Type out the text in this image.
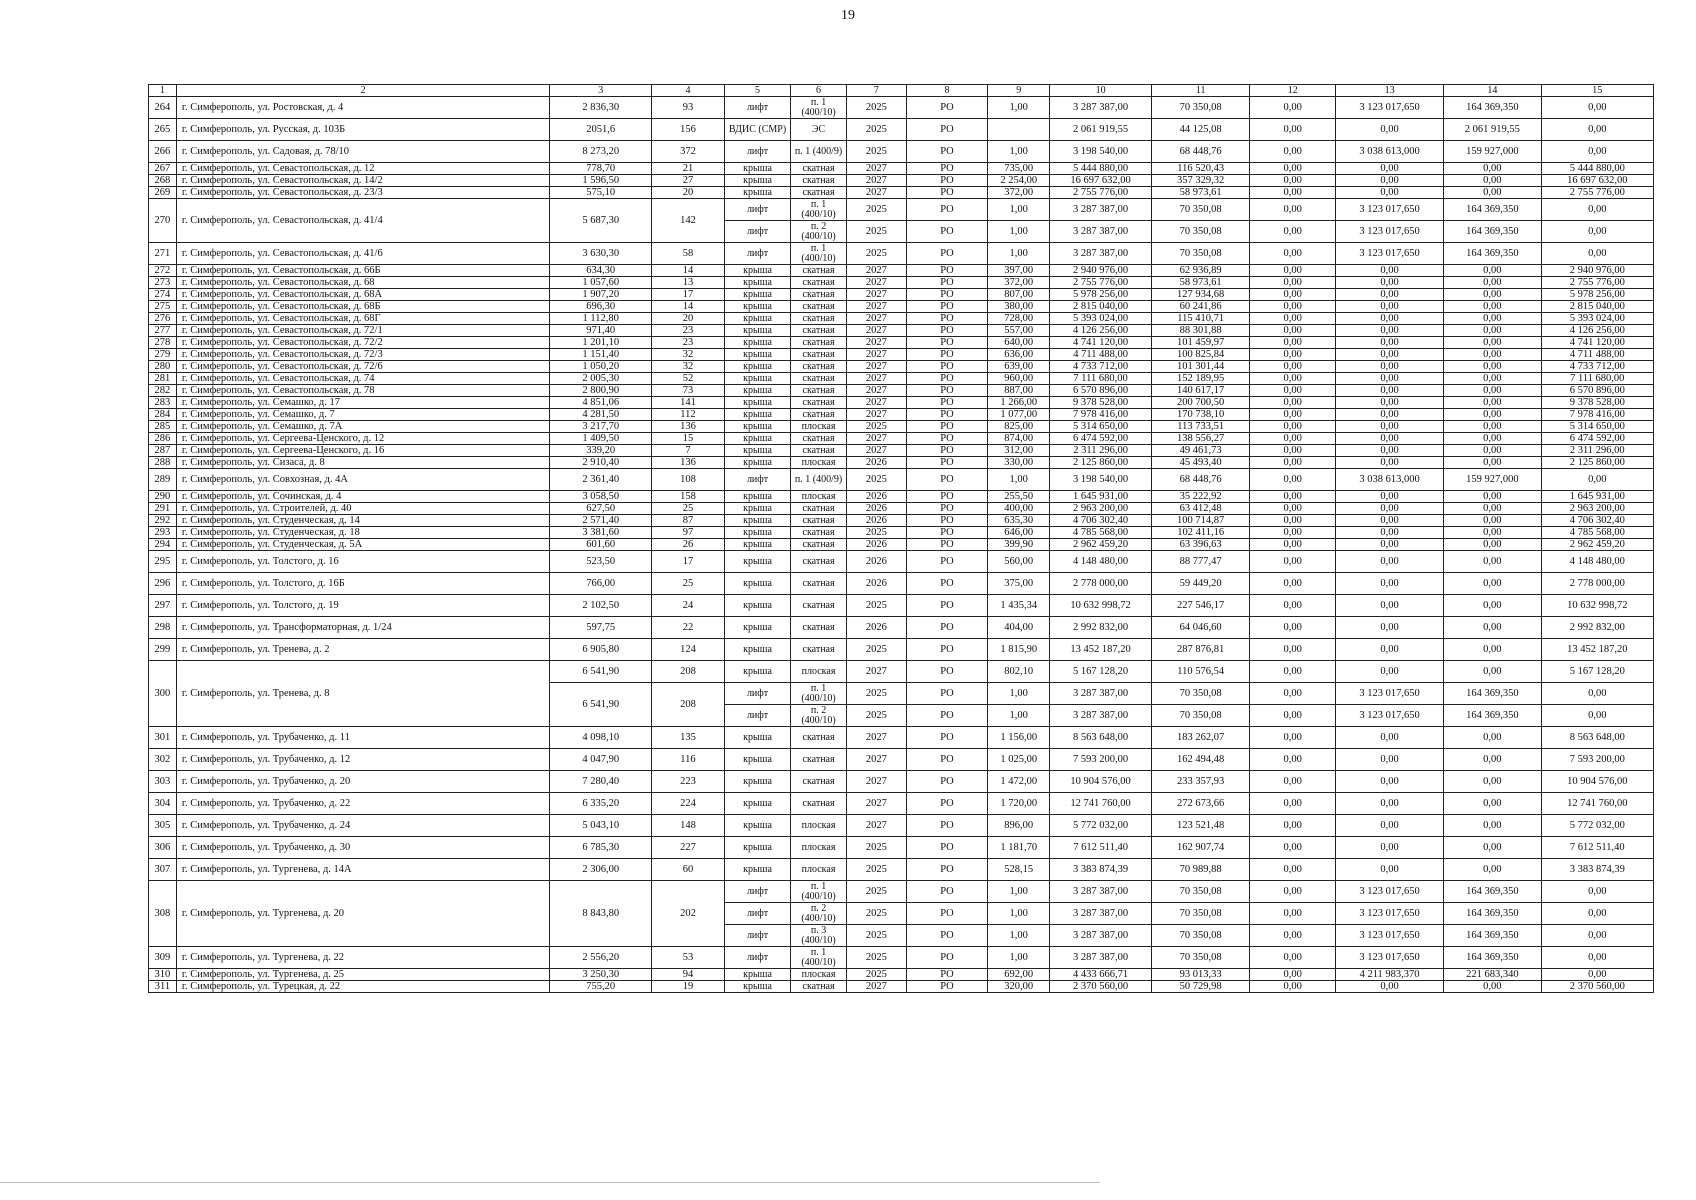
19
1	2	3	4	5	6	7	8	9	10	11	12	13	14	15
264	г. Симферополь, ул. Ростовская, д. 4	2 836,30	93	лифт	п. 1 (400/10)	2025	РО	1,00	3 287 387,00	70 350,08	0,00	3 123 017,650	164 369,350	0,00
265	г. Симферополь, ул. Русская, д. 103Б	2051,6	156	ВДИС (СМР)	ЭС	2025	РО		2 061 919,55	44 125,08	0,00	0,00	2 061 919,55	0,00
266	г. Симферополь, ул. Садовая, д. 78/10	8 273,20	372	лифт	п. 1 (400/9)	2025	РО	1,00	3 198 540,00	68 448,76	0,00	3 038 613,000	159 927,000	0,00
267	г. Симферополь, ул. Севастопольская, д. 12	778,70	21	крыша	скатная	2027	РО	735,00	5 444 880,00	116 520,43	0,00	0,00	0,00	5 444 880,00
268	г. Симферополь, ул. Севастопольская, д. 14/2	1 596,50	27	крыша	скатная	2027	РО	2 254,00	16 697 632,00	357 329,32	0,00	0,00	0,00	16 697 632,00
269	г. Симферополь, ул. Севастопольская, д. 23/3	575,10	20	крыша	скатная	2027	РО	372,00	2 755 776,00	58 973,61	0,00	0,00	0,00	2 755 776,00
270	г. Симферополь, ул. Севастопольская, д. 41/4	5 687,30	142	лифт	п. 1 (400/10)	2025	РО	1,00	3 287 387,00	70 350,08	0,00	3 123 017,650	164 369,350	0,00
				лифт	п. 2 (400/10)	2025	РО	1,00	3 287 387,00	70 350,08	0,00	3 123 017,650	164 369,350	0,00
271	г. Симферополь, ул. Севастопольская, д. 41/6	3 630,30	58	лифт	п. 1 (400/10)	2025	РО	1,00	3 287 387,00	70 350,08	0,00	3 123 017,650	164 369,350	0,00
272	г. Симферополь, ул. Севастопольская, д. 66Б	634,30	14	крыша	скатная	2027	РО	397,00	2 940 976,00	62 936,89	0,00	0,00	0,00	2 940 976,00
273	г. Симферополь, ул. Севастопольская, д. 68	1 057,60	13	крыша	скатная	2027	РО	372,00	2 755 776,00	58 973,61	0,00	0,00	0,00	2 755 776,00
274	г. Симферополь, ул. Севастопольская, д. 68А	1 907,20	17	крыша	скатная	2027	РО	807,00	5 978 256,00	127 934,68	0,00	0,00	0,00	5 978 256,00
275	г. Симферополь, ул. Севастопольская, д. 68Б	696,30	14	крыша	скатная	2027	РО	380,00	2 815 040,00	60 241,86	0,00	0,00	0,00	2 815 040,00
276	г. Симферополь, ул. Севастопольская, д. 68Г	1 112,80	20	крыша	скатная	2027	РО	728,00	5 393 024,00	115 410,71	0,00	0,00	0,00	5 393 024,00
277	г. Симферополь, ул. Севастопольская, д. 72/1	971,40	23	крыша	скатная	2027	РО	557,00	4 126 256,00	88 301,88	0,00	0,00	0,00	4 126 256,00
278	г. Симферополь, ул. Севастопольская, д. 72/2	1 201,10	23	крыша	скатная	2027	РО	640,00	4 741 120,00	101 459,97	0,00	0,00	0,00	4 741 120,00
279	г. Симферополь, ул. Севастопольская, д. 72/3	1 151,40	32	крыша	скатная	2027	РО	636,00	4 711 488,00	100 825,84	0,00	0,00	0,00	4 711 488,00
280	г. Симферополь, ул. Севастопольская, д. 72/6	1 050,20	32	крыша	скатная	2027	РО	639,00	4 733 712,00	101 301,44	0,00	0,00	0,00	4 733 712,00
281	г. Симферополь, ул. Севастопольская, д. 74	2 005,30	52	крыша	скатная	2027	РО	960,00	7 111 680,00	152 189,95	0,00	0,00	0,00	7 111 680,00
282	г. Симферополь, ул. Севастопольская, д. 78	2 800,90	73	крыша	скатная	2027	РО	887,00	6 570 896,00	140 617,17	0,00	0,00	0,00	6 570 896,00
283	г. Симферополь, ул. Семашко, д. 17	4 851,06	141	крыша	скатная	2027	РО	1 266,00	9 378 528,00	200 700,50	0,00	0,00	0,00	9 378 528,00
284	г. Симферополь, ул. Семашко, д. 7	4 281,50	112	крыша	скатная	2027	РО	1 077,00	7 978 416,00	170 738,10	0,00	0,00	0,00	7 978 416,00
285	г. Симферополь, ул. Семашко, д. 7А	3 217,70	136	крыша	плоская	2025	РО	825,00	5 314 650,00	113 733,51	0,00	0,00	0,00	5 314 650,00
286	г. Симферополь, ул. Сергеева-Ценского, д. 12	1 409,50	15	крыша	скатная	2027	РО	874,00	6 474 592,00	138 556,27	0,00	0,00	0,00	6 474 592,00
287	г. Симферополь, ул. Сергеева-Ценского, д. 16	339,20	7	крыша	скатная	2027	РО	312,00	2 311 296,00	49 461,73	0,00	0,00	0,00	2 311 296,00
288	г. Симферополь, ул. Сизаса, д. 8	2 910,40	136	крыша	плоская	2026	РО	330,00	2 125 860,00	45 493,40	0,00	0,00	0,00	2 125 860,00
289	г. Симферополь, ул. Совхозная, д. 4А	2 361,40	108	лифт	п. 1 (400/9)	2025	РО	1,00	3 198 540,00	68 448,76	0,00	3 038 613,000	159 927,000	0,00
290	г. Симферополь, ул. Сочинская, д. 4	3 058,50	158	крыша	плоская	2026	РО	255,50	1 645 931,00	35 222,92	0,00	0,00	0,00	1 645 931,00
291	г. Симферополь, ул. Строителей, д. 40	627,50	25	крыша	скатная	2026	РО	400,00	2 963 200,00	63 412,48	0,00	0,00	0,00	2 963 200,00
292	г. Симферополь, ул. Студенческая, д. 14	2 571,40	87	крыша	скатная	2026	РО	635,30	4 706 302,40	100 714,87	0,00	0,00	0,00	4 706 302,40
293	г. Симферополь, ул. Студенческая, д. 18	3 381,60	97	крыша	скатная	2025	РО	646,00	4 785 568,00	102 411,16	0,00	0,00	0,00	4 785 568,00
294	г. Симферополь, ул. Студенческая, д. 5А	601,60	26	крыша	скатная	2026	РО	399,90	2 962 459,20	63 396,63	0,00	0,00	0,00	2 962 459,20
295	г. Симферополь, ул. Толстого, д. 16	523,50	17	крыша	скатная	2026	РО	560,00	4 148 480,00	88 777,47	0,00	0,00	0,00	4 148 480,00
296	г. Симферополь, ул. Толстого, д. 16Б	766,00	25	крыша	скатная	2026	РО	375,00	2 778 000,00	59 449,20	0,00	0,00	0,00	2 778 000,00
297	г. Симферополь, ул. Толстого, д. 19	2 102,50	24	крыша	скатная	2025	РО	1 435,34	10 632 998,72	227 546,17	0,00	0,00	0,00	10 632 998,72
298	г. Симферополь, ул. Трансформаторная, д. 1/24	597,75	22	крыша	скатная	2026	РО	404,00	2 992 832,00	64 046,60	0,00	0,00	0,00	2 992 832,00
299	г. Симферополь, ул. Тренева, д. 2	6 905,80	124	крыша	скатная	2025	РО	1 815,90	13 452 187,20	287 876,81	0,00	0,00	0,00	13 452 187,20
300	г. Симферополь, ул. Тренева, д. 8	6 541,90	208	крыша	плоская	2027	РО	802,10	5 167 128,20	110 576,54	0,00	0,00	0,00	5 167 128,20
		6 541,90	208	лифт	п. 1 (400/10)	2025	РО	1,00	3 287 387,00	70 350,08	0,00	3 123 017,650	164 369,350	0,00
				лифт	п. 2 (400/10)	2025	РО	1,00	3 287 387,00	70 350,08	0,00	3 123 017,650	164 369,350	0,00
301	г. Симферополь, ул. Трубаченко, д. 11	4 098,10	135	крыша	скатная	2027	РО	1 156,00	8 563 648,00	183 262,07	0,00	0,00	0,00	8 563 648,00
302	г. Симферополь, ул. Трубаченко, д. 12	4 047,90	116	крыша	скатная	2027	РО	1 025,00	7 593 200,00	162 494,48	0,00	0,00	0,00	7 593 200,00
303	г. Симферополь, ул. Трубаченко, д. 20	7 280,40	223	крыша	скатная	2027	РО	1 472,00	10 904 576,00	233 357,93	0,00	0,00	0,00	10 904 576,00
304	г. Симферополь, ул. Трубаченко, д. 22	6 335,20	224	крыша	скатная	2027	РО	1 720,00	12 741 760,00	272 673,66	0,00	0,00	0,00	12 741 760,00
305	г. Симферополь, ул. Трубаченко, д. 24	5 043,10	148	крыша	плоская	2027	РО	896,00	5 772 032,00	123 521,48	0,00	0,00	0,00	5 772 032,00
306	г. Симферополь, ул. Трубаченко, д. 30	6 785,30	227	крыша	плоская	2025	РО	1 181,70	7 612 511,40	162 907,74	0,00	0,00	0,00	7 612 511,40
307	г. Симферополь, ул. Тургенева, д. 14А	2 306,00	60	крыша	плоская	2025	РО	528,15	3 383 874,39	70 989,88	0,00	0,00	0,00	3 383 874,39
308	г. Симферополь, ул. Тургенева, д. 20	8 843,80	202	лифт	п. 1 (400/10)	2025	РО	1,00	3 287 387,00	70 350,08	0,00	3 123 017,650	164 369,350	0,00
				лифт	п. 2 (400/10)	2025	РО	1,00	3 287 387,00	70 350,08	0,00	3 123 017,650	164 369,350	0,00
				лифт	п. 3 (400/10)	2025	РО	1,00	3 287 387,00	70 350,08	0,00	3 123 017,650	164 369,350	0,00
309	г. Симферополь, ул. Тургенева, д. 22	2 556,20	53	лифт	п. 1 (400/10)	2025	РО	1,00	3 287 387,00	70 350,08	0,00	3 123 017,650	164 369,350	0,00
310	г. Симферополь, ул. Тургенева, д. 25	3 250,30	94	крыша	плоская	2025	РО	692,00	4 433 666,71	93 013,33	0,00	4 211 983,370	221 683,340	0,00
311	г. Симферополь, ул. Турецкая, д. 22	755,20	19	крыша	скатная	2027	РО	320,00	2 370 560,00	50 729,98	0,00	0,00	0,00	2 370 560,00
